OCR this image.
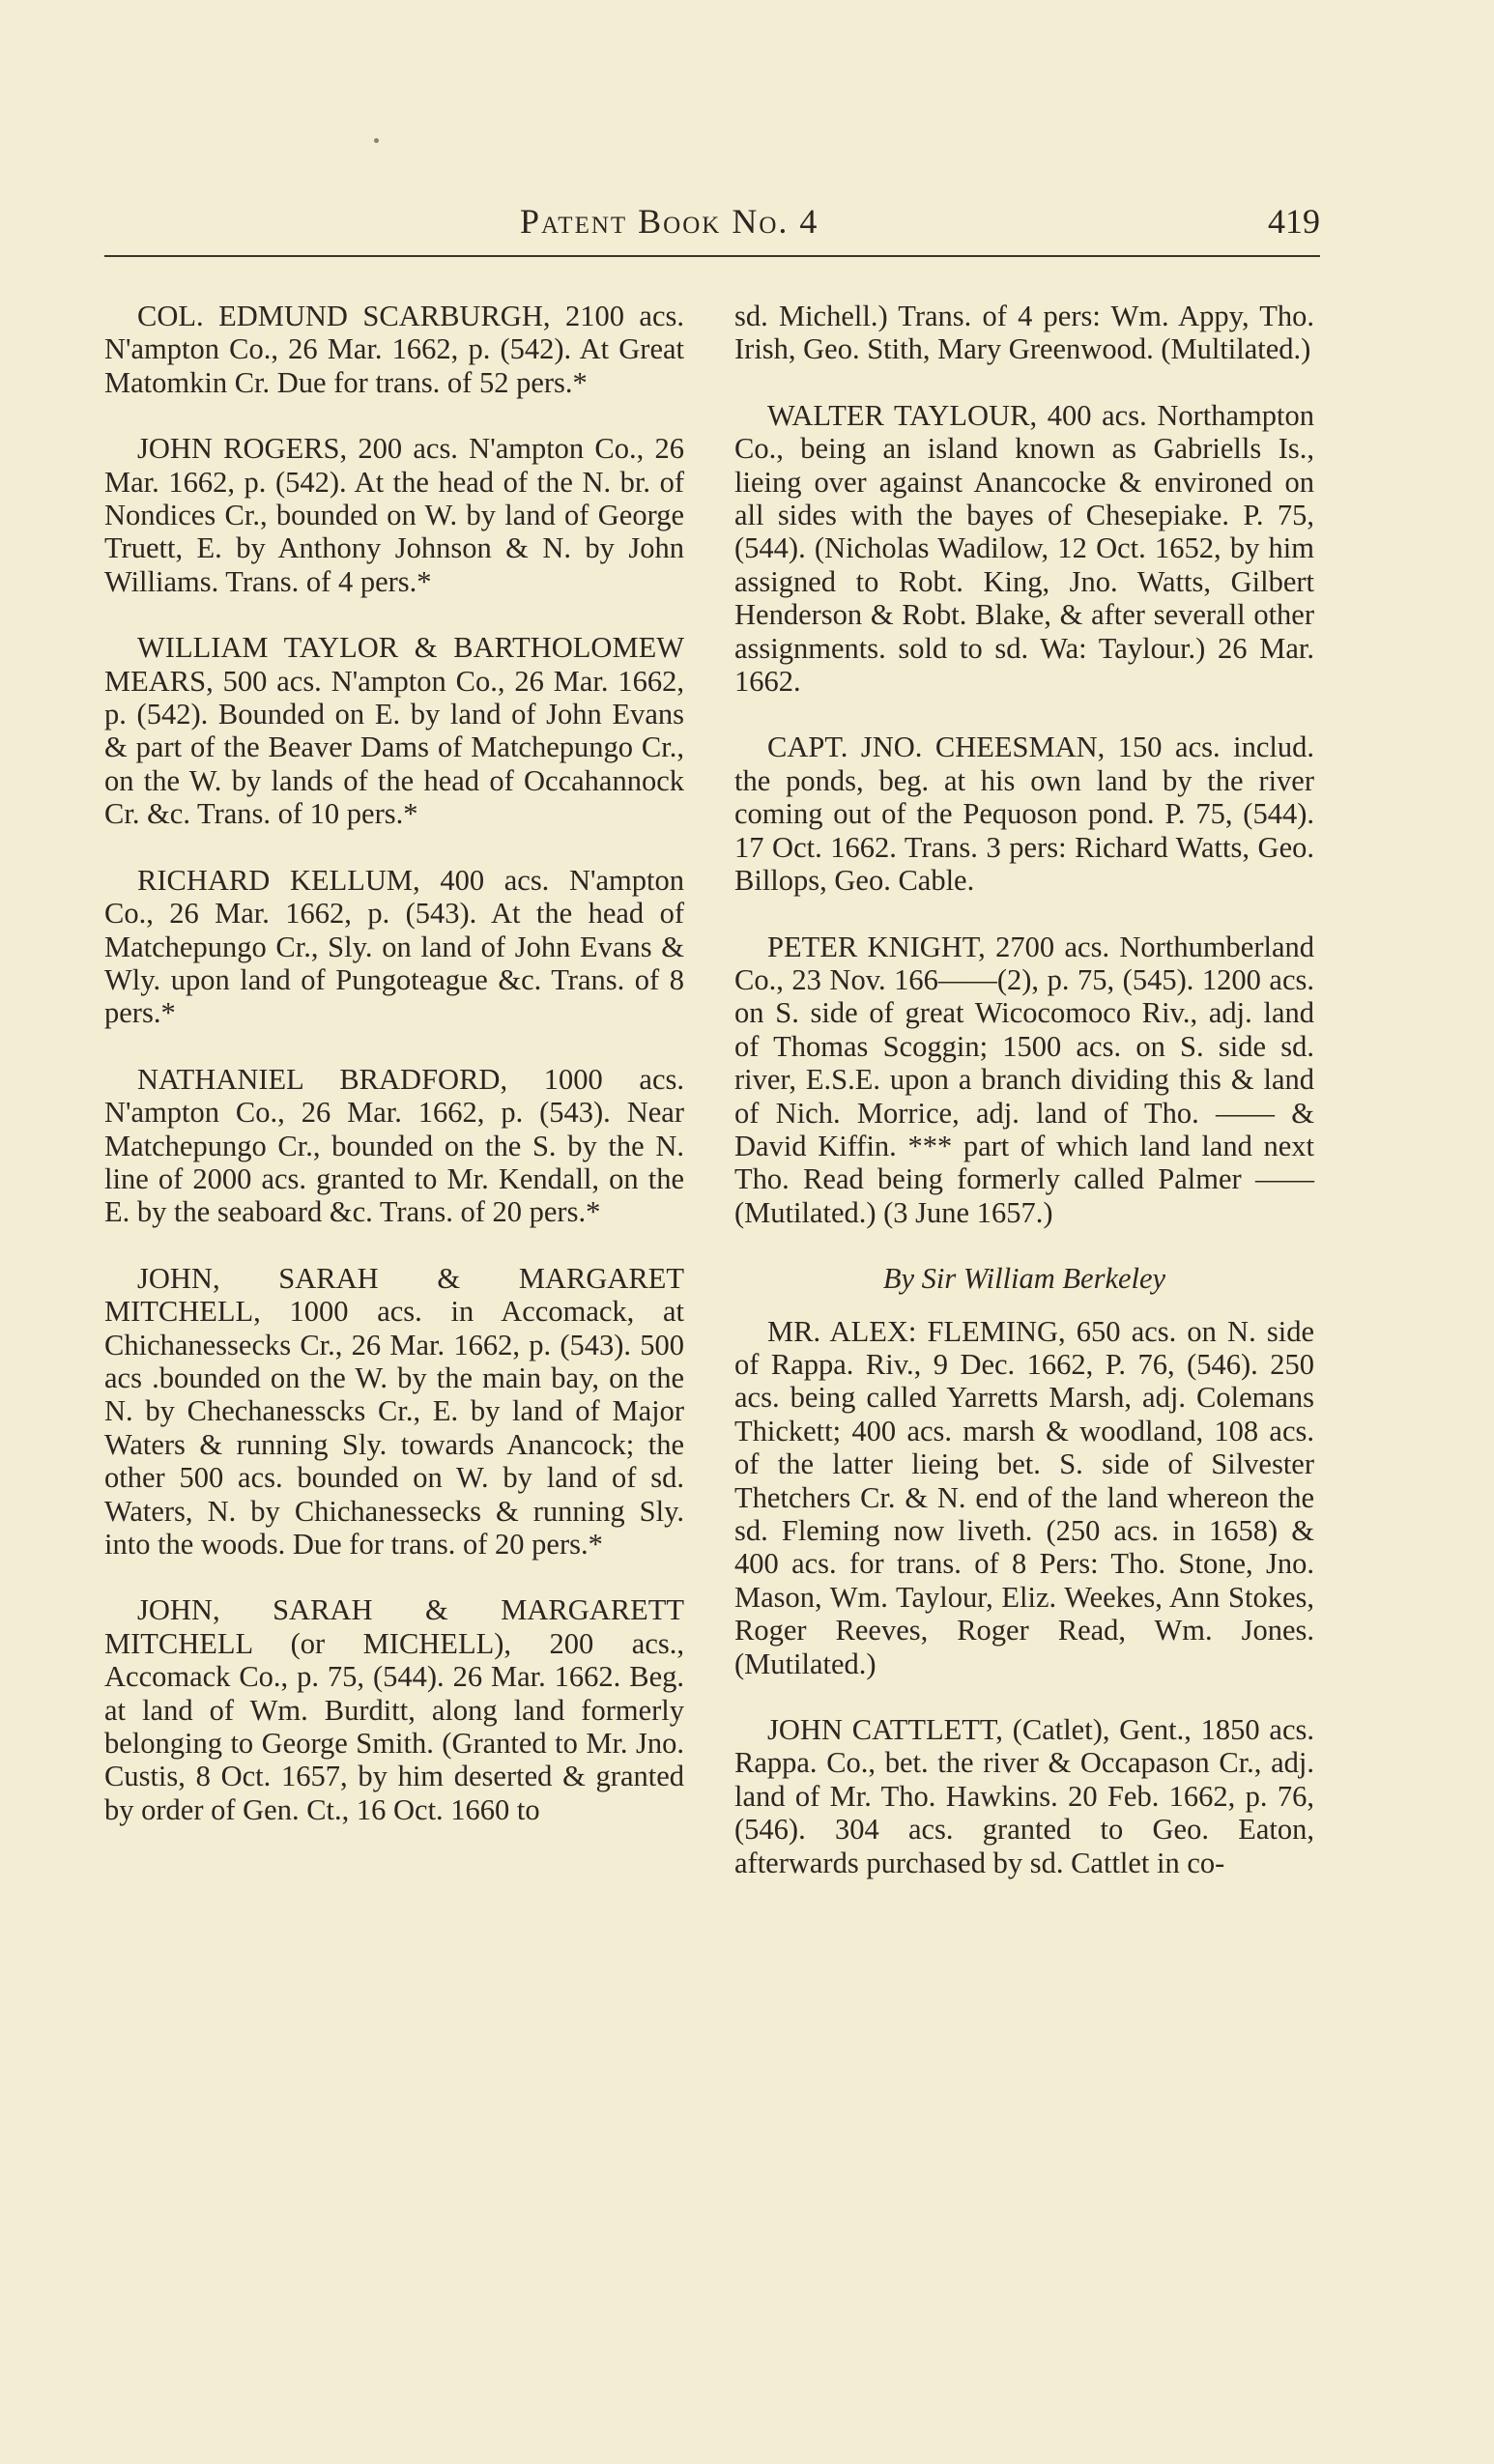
Patent Book No. 4	419

COL. EDMUND SCARBURGH, 2100 acs. N'ampton Co., 26 Mar. 1662, p. (542). At Great Matomkin Cr. Due for trans. of 52 pers.*

JOHN ROGERS, 200 acs. N'ampton Co., 26 Mar. 1662, p. (542). At the head of the N. br. of Nondices Cr., bounded on W. by land of George Truett, E. by Anthony Johnson & N. by John Williams. Trans. of 4 pers.*

WILLIAM TAYLOR & BARTHOLOMEW MEARS, 500 acs. N'ampton Co., 26 Mar. 1662, p. (542). Bounded on E. by land of John Evans & part of the Beaver Dams of Matchepungo Cr., on the W. by lands of the head of Occahannock Cr. &c. Trans. of 10 pers.*

RICHARD KELLUM, 400 acs. N'ampton Co., 26 Mar. 1662, p. (543). At the head of Matchepungo Cr., Sly. on land of John Evans & Wly. upon land of Pungoteague &c. Trans. of 8 pers.*

NATHANIEL BRADFORD, 1000 acs. N'ampton Co., 26 Mar. 1662, p. (543). Near Matchepungo Cr., bounded on the S. by the N. line of 2000 acs. granted to Mr. Kendall, on the E. by the seaboard &c. Trans. of 20 pers.*

JOHN, SARAH & MARGARET MITCHELL, 1000 acs. in Accomack, at Chichanessecks Cr., 26 Mar. 1662, p. (543). 500 acs .bounded on the W. by the main bay, on the N. by Chechanesscks Cr., E. by land of Major Waters & running Sly. towards Anancock; the other 500 acs. bounded on W. by land of sd. Waters, N. by Chichanessecks & running Sly. into the woods. Due for trans. of 20 pers.*

JOHN, SARAH & MARGARETT MITCHELL (or MICHELL), 200 acs., Accomack Co., p. 75, (544). 26 Mar. 1662. Beg. at land of Wm. Burditt, along land formerly belonging to George Smith. (Granted to Mr. Jno. Custis, 8 Oct. 1657, by him deserted & granted by order of Gen. Ct., 16 Oct. 1660 to

sd. Michell.) Trans. of 4 pers: Wm. Appy, Tho. Irish, Geo. Stith, Mary Greenwood. (Multilated.)

WALTER TAYLOUR, 400 acs. Northampton Co., being an island known as Gabriells Is., lieing over against Anancocke & environed on all sides with the bayes of Chesepiake. P. 75, (544). (Nicholas Wadilow, 12 Oct. 1652, by him assigned to Robt. King, Jno. Watts, Gilbert Henderson & Robt. Blake, & after severall other assignments. sold to sd. Wa: Taylour.) 26 Mar. 1662.

CAPT. JNO. CHEESMAN, 150 acs. includ. the ponds, beg. at his own land by the river coming out of the Pequoson pond. P. 75, (544). 17 Oct. 1662. Trans. 3 pers: Richard Watts, Geo. Billops, Geo. Cable.

PETER KNIGHT, 2700 acs. Northumberland Co., 23 Nov. 166——(2), p. 75, (545). 1200 acs. on S. side of great Wicocomoco Riv., adj. land of Thomas Scoggin; 1500 acs. on S. side sd. river, E.S.E. upon a branch dividing this & land of Nich. Morrice, adj. land of Tho. —— & David Kiffin. *** part of which land land next Tho. Read being formerly called Palmer —— (Mutilated.) (3 June 1657.)

By Sir William Berkeley

MR. ALEX: FLEMING, 650 acs. on N. side of Rappa. Riv., 9 Dec. 1662, P. 76, (546). 250 acs. being called Yarretts Marsh, adj. Colemans Thickett; 400 acs. marsh & woodland, 108 acs. of the latter lieing bet. S. side of Silvester Thetchers Cr. & N. end of the land whereon the sd. Fleming now liveth. (250 acs. in 1658) & 400 acs. for trans. of 8 Pers: Tho. Stone, Jno. Mason, Wm. Taylour, Eliz. Weekes, Ann Stokes, Roger Reeves, Roger Read, Wm. Jones. (Mutilated.)

JOHN CATTLETT, (Catlet), Gent., 1850 acs. Rappa. Co., bet. the river & Occapason Cr., adj. land of Mr. Tho. Hawkins. 20 Feb. 1662, p. 76, (546). 304 acs. granted to Geo. Eaton, afterwards purchased by sd. Cattlet in co-
